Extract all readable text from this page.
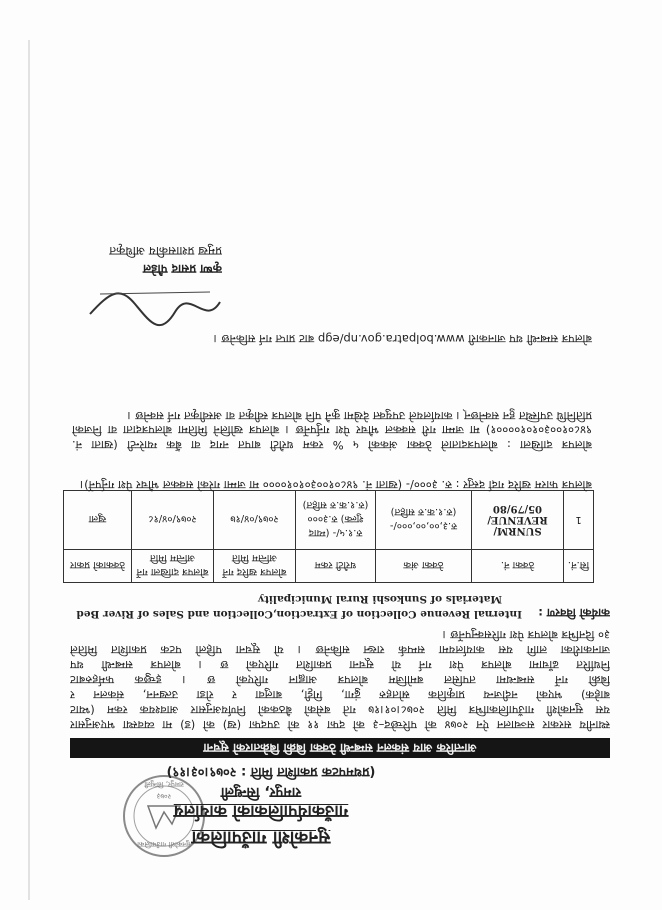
सुनकोशी गाउँपालिका
रामपुर, सिन्धुली
२०७३
सुनकोशी गाउँपालिका
गाउँकार्यपालिकाको कार्यालय
रामपुर, सिन्धुली
(प्रथमपटक प्रकाशित मिति : २०७९।०३।१९)
आन्तरिक आय संकलन सम्बन्धी ठेक्का बिक्री बिक्रेतारको सूचना
स्थानीय सरकार सञ्चालन ऐन २०७४ को परिच्छेद–३ को दफा ११ को उपदफा (ख) को (ड) मा व्यवस्था भएअनुसार
यस सुनकोशी गाउँपालिकाभित्र मिति २०७८।०१।१७ गते बसेको बैठकको निर्णयअनुसार आवश्यक रकम (भ्याट
बाहेक) भएको नदीजन्य प्राकृतिक स्रोतहरु ढुंगा, गिट्टी, बालुवा र रोडा उत्खनन, संकलन र
बिक्री गर्ने सम्बन्धमा तपसिल बमोजिम बोलपत्र आह्वान गरिएको छ । इच्छुक फर्महरुबाट
निर्धारित ढाँचामा बोलपत्र पेश गर्न यो सूचना प्रकाशित गरिएको छ । बोलपत्र सम्बन्धी थप
जानकारीका लागि यस कार्यालयमा सम्पर्क राख्न सकिनेछ । यो सूचना पहिलो पटक प्रकाशित मितिले
३० दिनभित्र बोलपत्र पेश गरिसक्नुपर्नेछ ।
कार्यको विवरण :
Internal Revenue Collection of Extraction,Collection and Sales of River Bed
Materials of Sunkoshi Rural Municipality
सि.नं.	ठेक्का नं.	ठेक्का अंक	धरौटी रकम	बोलपत्र खरिद गर्ने अन्तिम मिति	बोलपत्र दाखिला गर्ने अन्तिम मिति	ठेक्काको प्रकार
1	SUNRM/ REVENUE/ 05/79/80	रु.३,००,००,०००/- (रु.१.क.रु सहित)	रु.१.५/- (म्याद शुल्क) रु.३००० (रु.१.क.रु सहित)	२०७९/०४/१७	२०७९/०४/१८	खुला
बोलपत्र फारम खरिद गर्दा दस्तुर : रु. ३०००/- (खाता नं. ९४८०१००३०१०१०००० मा जम्मा गरेको सक्कल भौचर पेश गर्नुपर्ने)।
बोलपत्र दाखिला : बोलपत्रदाताले ठेक्का अंकको ५ % रकम धरौटी बापत नगद वा बैंक ग्यारेन्टी (खाता नं. ९४८०१००३०१०१००००१) मा जम्मा गरी सक्कल भौचर पेश गर्नुपर्नेछ । बोलपत्र खोलिने मितिमा बोलपत्रदाता वा निजको प्रतिनिधि उपस्थित हुन सक्नेछन् । कार्यालयले उपयुक्त देखेमा कुनै पनि बोलपत्र स्वीकृत वा अस्वीकृत गर्न सक्नेछ ।
बोलपत्र सम्बन्धी थप जानकारी www.bolpatra.gov.np/egp बाट प्राप्त गर्न सकिनेछ ।
कृष्ण प्रसाद पौडेल
प्रमुख प्रशासकीय अधिकृत
